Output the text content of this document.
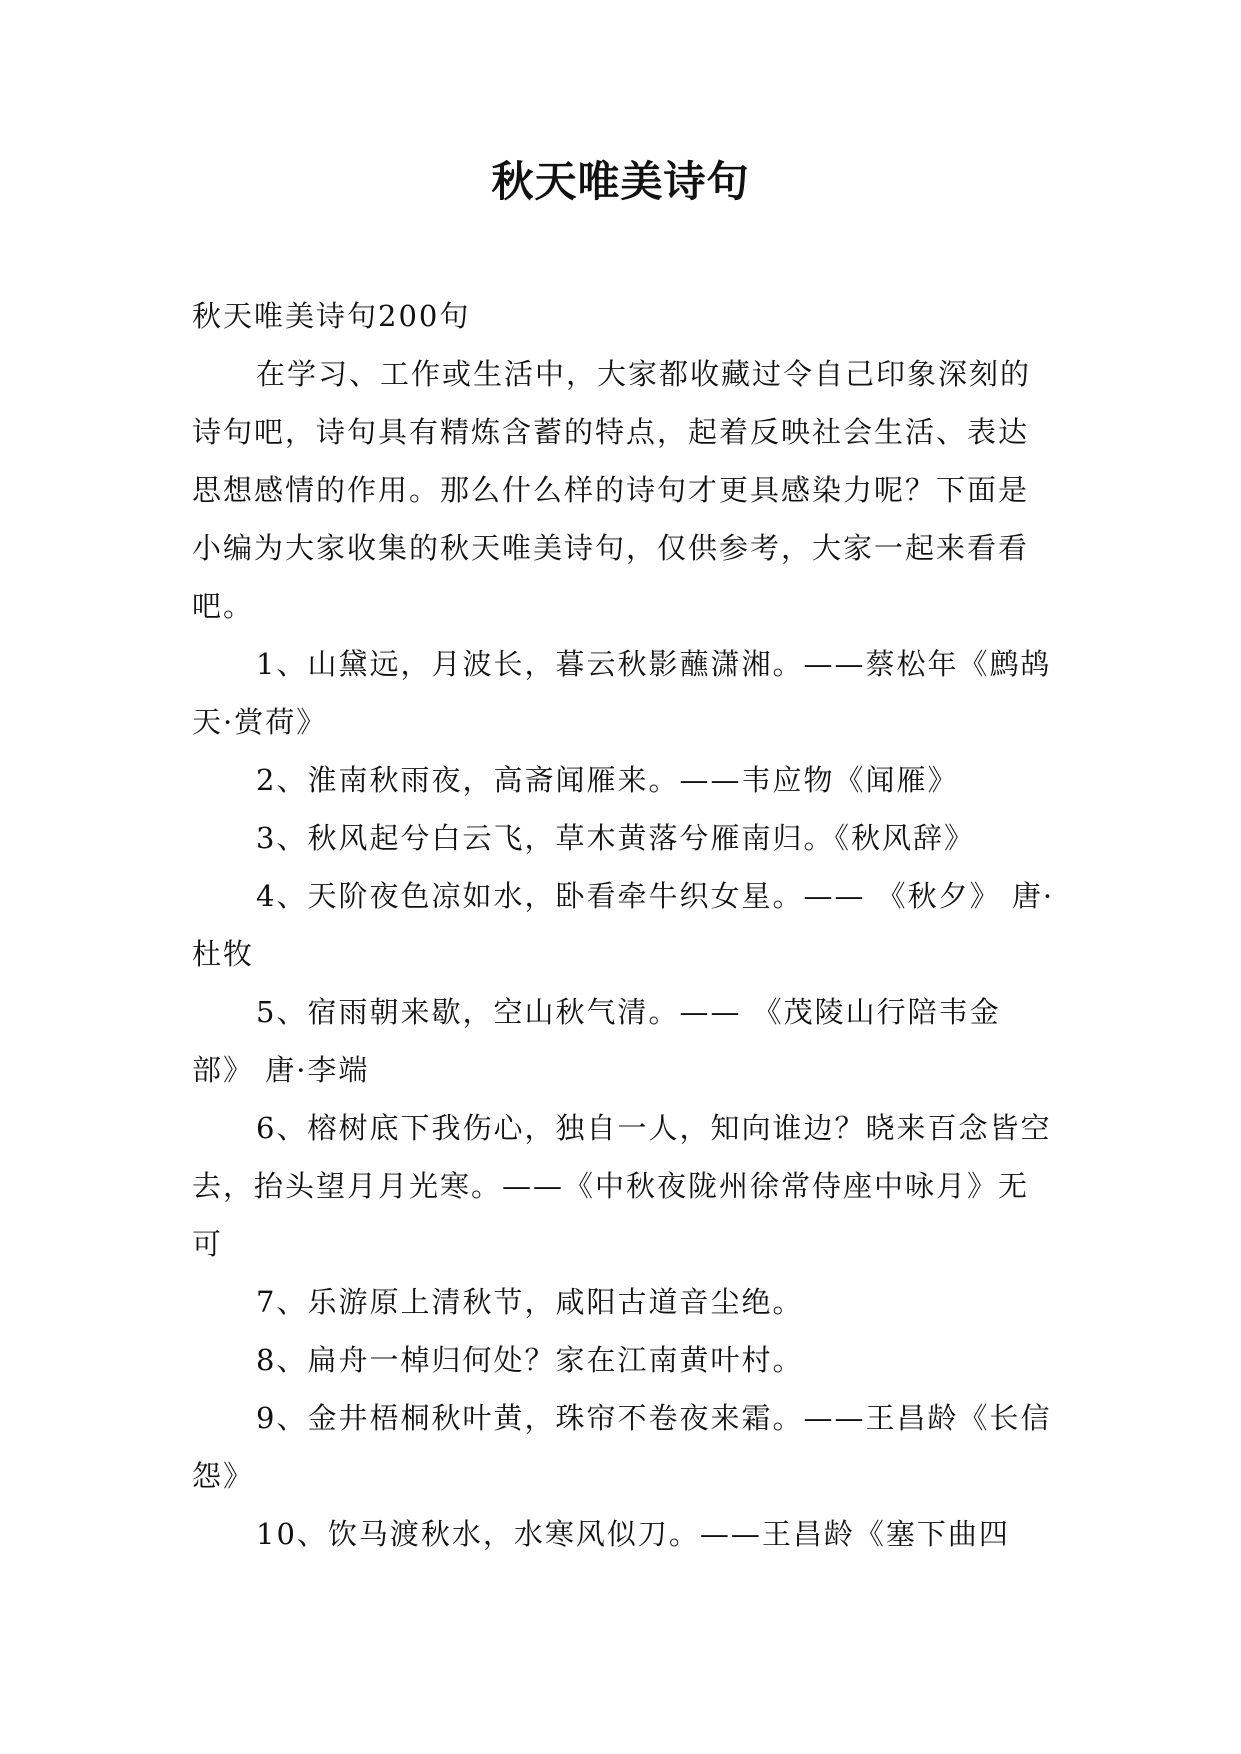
秋天唯美诗句

秋天唯美诗句200句

在学习、工作或生活中，大家都收藏过令自己印象深刻的诗句吧，诗句具有精炼含蓄的特点，起着反映社会生活、表达思想感情的作用。那么什么样的诗句才更具感染力呢？下面是小编为大家收集的秋天唯美诗句，仅供参考，大家一起来看看吧。

1、山黛远，月波长，暮云秋影蘸潇湘。——蔡松年《鹧鸪天·赏荷》

2、淮南秋雨夜，高斋闻雁来。——韦应物《闻雁》

3、秋风起兮白云飞，草木黄落兮雁南归。《秋风辞》

4、天阶夜色凉如水，卧看牵牛织女星。—— 《秋夕》 唐·杜牧

5、宿雨朝来歇，空山秋气清。—— 《茂陵山行陪韦金部》 唐·李端

6、榕树底下我伤心，独自一人，知向谁边？晓来百念皆空去，抬头望月月光寒。——《中秋夜陇州徐常侍座中咏月》无可

7、乐游原上清秋节，咸阳古道音尘绝。

8、扁舟一棹归何处？家在江南黄叶村。

9、金井梧桐秋叶黄，珠帘不卷夜来霜。——王昌龄《长信怨》

10、饮马渡秋水，水寒风似刀。——王昌龄《塞下曲四
